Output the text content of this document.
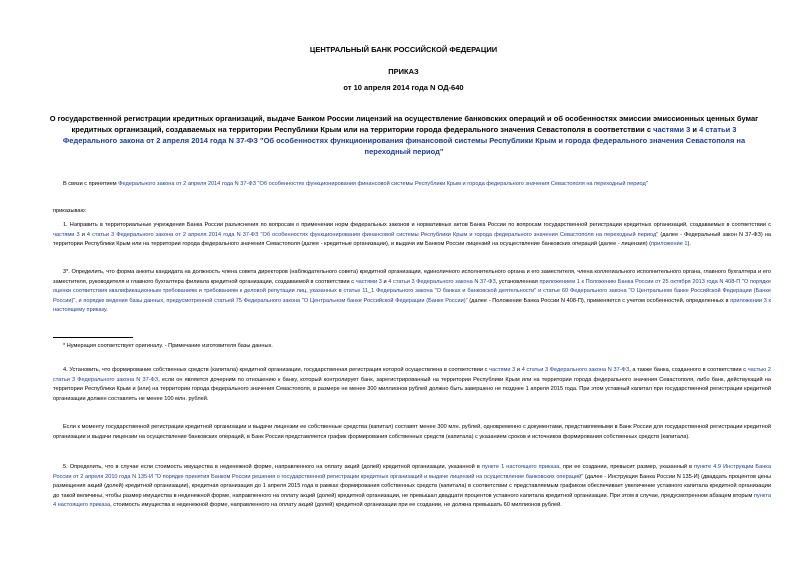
ЦЕНТРАЛЬНЫЙ БАНК РОССИЙСКОЙ ФЕДЕРАЦИИ
ПРИКАЗ
от 10 апреля 2014 года N ОД-640
О государственной регистрации кредитных организаций, выдаче Банком России лицензий на осуществление банковских операций и об особенностях эмиссии эмиссионных ценных бумаг кредитных организаций, создаваемых на территории Республики Крым или на территории города федерального значения Севастополя в соответствии с частями 3 и 4 статьи 3 Федерального закона от 2 апреля 2014 года N 37-ФЗ "Об особенностях функционирования финансовой системы Республики Крым и города федерального значения Севастополя на переходный период"
В связи с принятием Федерального закона от 2 апреля 2014 года N 37-ФЗ "Об особенностях функционирования финансовой системы Республики Крым и города федерального значения Севастополя на переходный период"
приказываю:
1. Направить в территориальные учреждения Банка России разъяснения по вопросам о применении норм федеральных законов и нормативных актов Банка России по вопросам государственной регистрации кредитных организаций, создаваемых в соответствии с частями 3 и 4 статьи 3 Федерального закона от 2 апреля 2014 года N 37-ФЗ "Об особенностях функционирования финансовой системы Республики Крым и города федерального значения Севастополя на переходный период" (далее - Федеральный закон N 37-ФЗ) на территории Республики Крым или на территории города федерального значения Севастополя (далее - кредитные организации), и выдачи им Банком России лицензий на осуществление банковских операций (далее - лицензия) (приложение 1).
3*. Определить, что форма анкеты кандидата на должность члена совета директоров (наблюдательного совета) кредитной организации, единоличного исполнительного органа и его заместителя, члена коллегиального исполнительного органа, главного бухгалтера и его заместителя, руководителя и главного бухгалтера филиала кредитной организации, создаваемой в соответствии с частями 3 и 4 статьи 3 Федерального закона N 37-ФЗ, установленная приложением 1 к Положению Банка России от 25 октября 2013 года N 408-П "О порядке оценки соответствия квалификационным требованиям и требованиям к деловой репутации лиц, указанных в статье 11_1 Федерального закона "О банках и банковской деятельности" и статье 60 Федерального закона "О Центральном банке Российской Федерации (Банке России)", и порядке ведения базы данных, предусмотренной статьей 75 Федерального закона "О Центральном банке Российской Федерации (Банке России)" (далее - Положение Банка России N 408-П), применяется с учетом особенностей, определенных в приложении 3 к настоящему приказу.
* Нумерация соответствует оригиналу. - Примечание изготовителя базы данных.
4. Установить, что формирование собственных средств (капитала) кредитной организации, государственная регистрация которой осуществлена в соответствии с частями 3 и 4 статьи 3 Федерального закона N 37-ФЗ, а также банка, созданного в соответствии с частью 2 статьи 3 Федерального закона N 37-ФЗ, если он является дочерним по отношению к банку, который контролирует банк, зарегистрированный на территории Республики Крым или на территории города федерального значения Севастополя, либо банк, действующий на территории Республики Крым и (или) на территории города федерального значения Севастополя, в размере не менее 300 миллионов рублей должно быть завершено не позднее 1 апреля 2015 года. При этом уставный капитал при государственной регистрации кредитной организации должен составлять не менее 100 млн. рублей.
Если к моменту государственной регистрации кредитной организации и выдачи лицензии ее собственные средства (капитал) составят менее 300 млн. рублей, одновременно с документами, представляемыми в Банк России для государственной регистрации кредитной организации и выдачи лицензии на осуществление банковских операций, в Банк России представляется график формирования собственных средств (капитала) с указанием сроков и источников формирования собственных средств (капитала).
5. Определить, что в случае если стоимость имущества в неденежной форме, направленного на оплату акций (долей) кредитной организации, указанной в пункте 1 настоящего приказа, при ее создании, превысит размер, указанный в пункте 4.9 Инструкции Банка России от 2 апреля 2010 года N 135-И "О порядке принятия Банком России решения о государственной регистрации кредитных организаций и выдаче лицензий на осуществление банковских операций" (далее - Инструкция Банка России N 135-И) (двадцать процентов цены размещения акций (долей) кредитной организации), кредитная организация до 1 апреля 2015 года в рамках формирования собственных средств (капитала) в соответствии с представляемым графиком обеспечивает увеличение уставного капитала кредитной организации до такой величины, чтобы размер имущества в неденежной форме, направленного на оплату акций (долей) кредитной организации, не превышал двадцати процентов уставного капитала кредитной организации. При этом в случае, предусмотренном абзацем вторым пункта 4 настоящего приказа, стоимость имущества в неденежной форме, направленного на оплату акций (долей) кредитной организации при ее создании, не должна превышать 60 миллионов рублей.
